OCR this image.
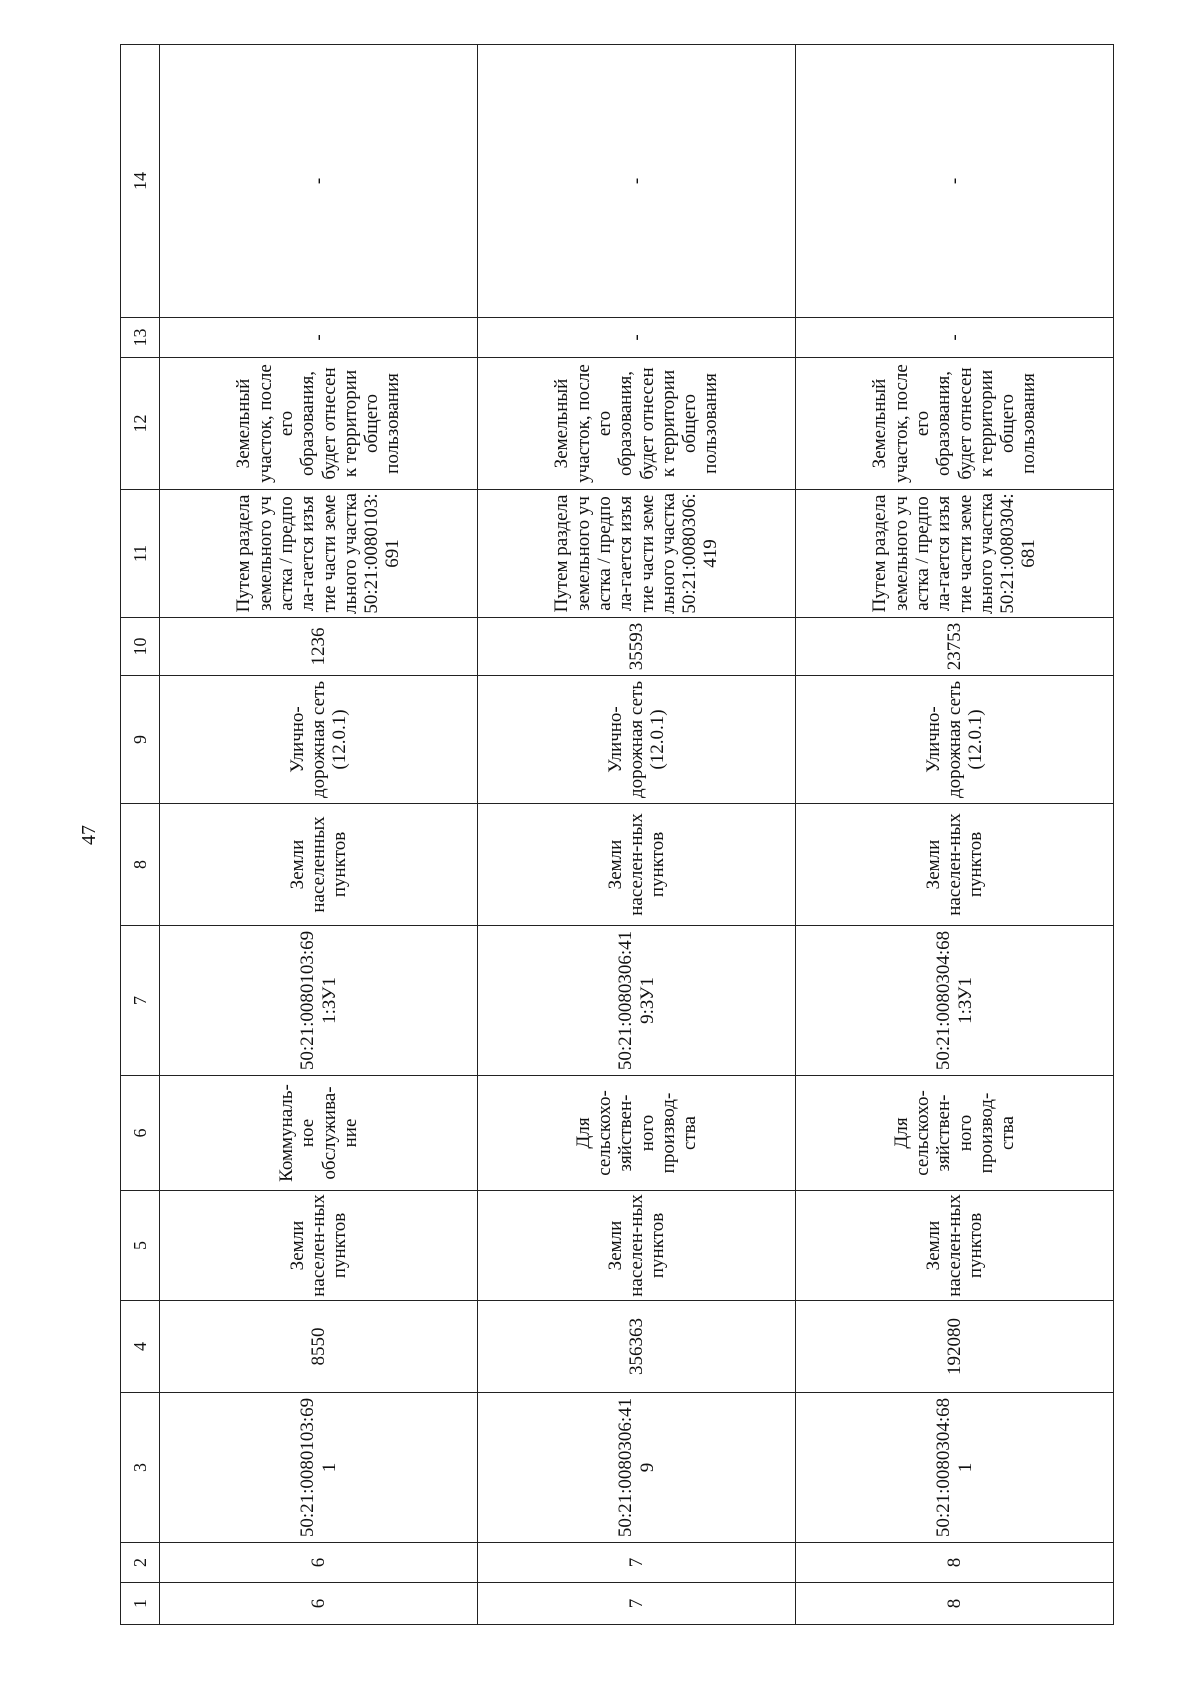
47
1	2	3	4	5	6	7	8	9	10	11	12	13	14
6	6	50:21:0080103:691	8550	Земли населен-ных пунктов	Коммуналь-ное обслужива-ние	50:21:0080103:691:ЗУ1	Земли населенных пунктов	Улично-дорожная сеть (12.0.1)	1236	Путем раздела земельного участка / предпола-гается изъятие части земельного участка 50:21:0080103:691	Земельный участок, после его образования, будет отнесен к территории общего пользования	-	-
7	7	50:21:0080306:419	356363	Земли населен-ных пунктов	Для сельскохо-зяйствен-ного производ-ства	50:21:0080306:419:ЗУ1	Земли населен-ных пунктов	Улично-дорожная сеть (12.0.1)	35593	Путем раздела земельного участка / предпола-гается изъятие части земельного участка 50:21:0080306:419	Земельный участок, после его образования, будет отнесен к территории общего пользования	-	-
8	8	50:21:0080304:681	192080	Земли населен-ных пунктов	Для сельскохо-зяйствен-ного производ-ства	50:21:0080304:681:ЗУ1	Земли населен-ных пунктов	Улично-дорожная сеть (12.0.1)	23753	Путем раздела земельного участка / предпола-гается изъятие части земельного участка 50:21:0080304:681	Земельный участок, после его образования, будет отнесен к территории общего пользования	-	-
